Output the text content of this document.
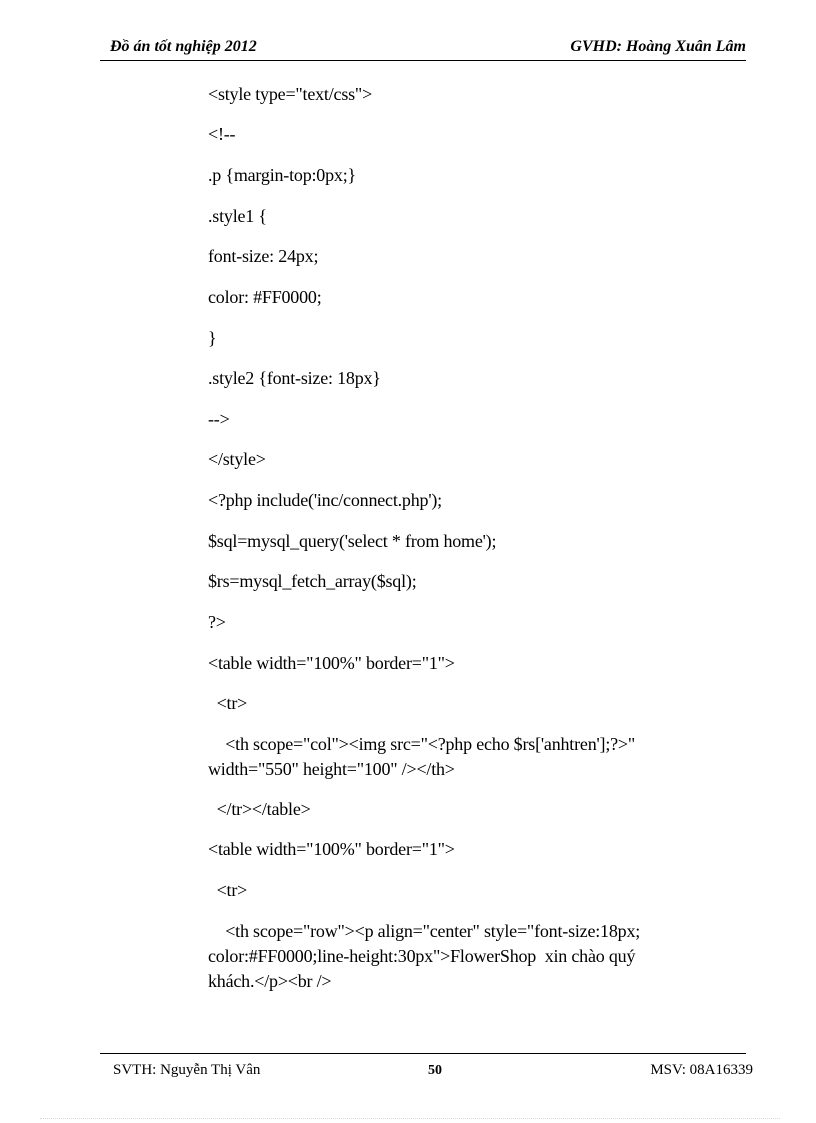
Đồ án tốt nghiệp 2012	GVHD: Hoàng Xuân Lâm
<style type="text/css">
<!--
.p {margin-top:0px;}
.style1 {
font-size: 24px;
color: #FF0000;
}
.style2 {font-size: 18px}
-->
</style>
<?php include('inc/connect.php');
$sql=mysql_query('select * from home');
$rs=mysql_fetch_array($sql);
?>
<table width="100%" border="1">
<tr>
<th scope="col"><img src="<?php echo $rs['anhtren'];?>"
width="550" height="100" /></th>
</tr></table>
<table width="100%" border="1">
<tr>
<th scope="row"><p align="center" style="font-size:18px;
color:#FF0000;line-height:30px">FlowerShop  xin chào quý
khách.</p><br />
SVTH: Nguyễn Thị Vân	50	MSV: 08A16339
